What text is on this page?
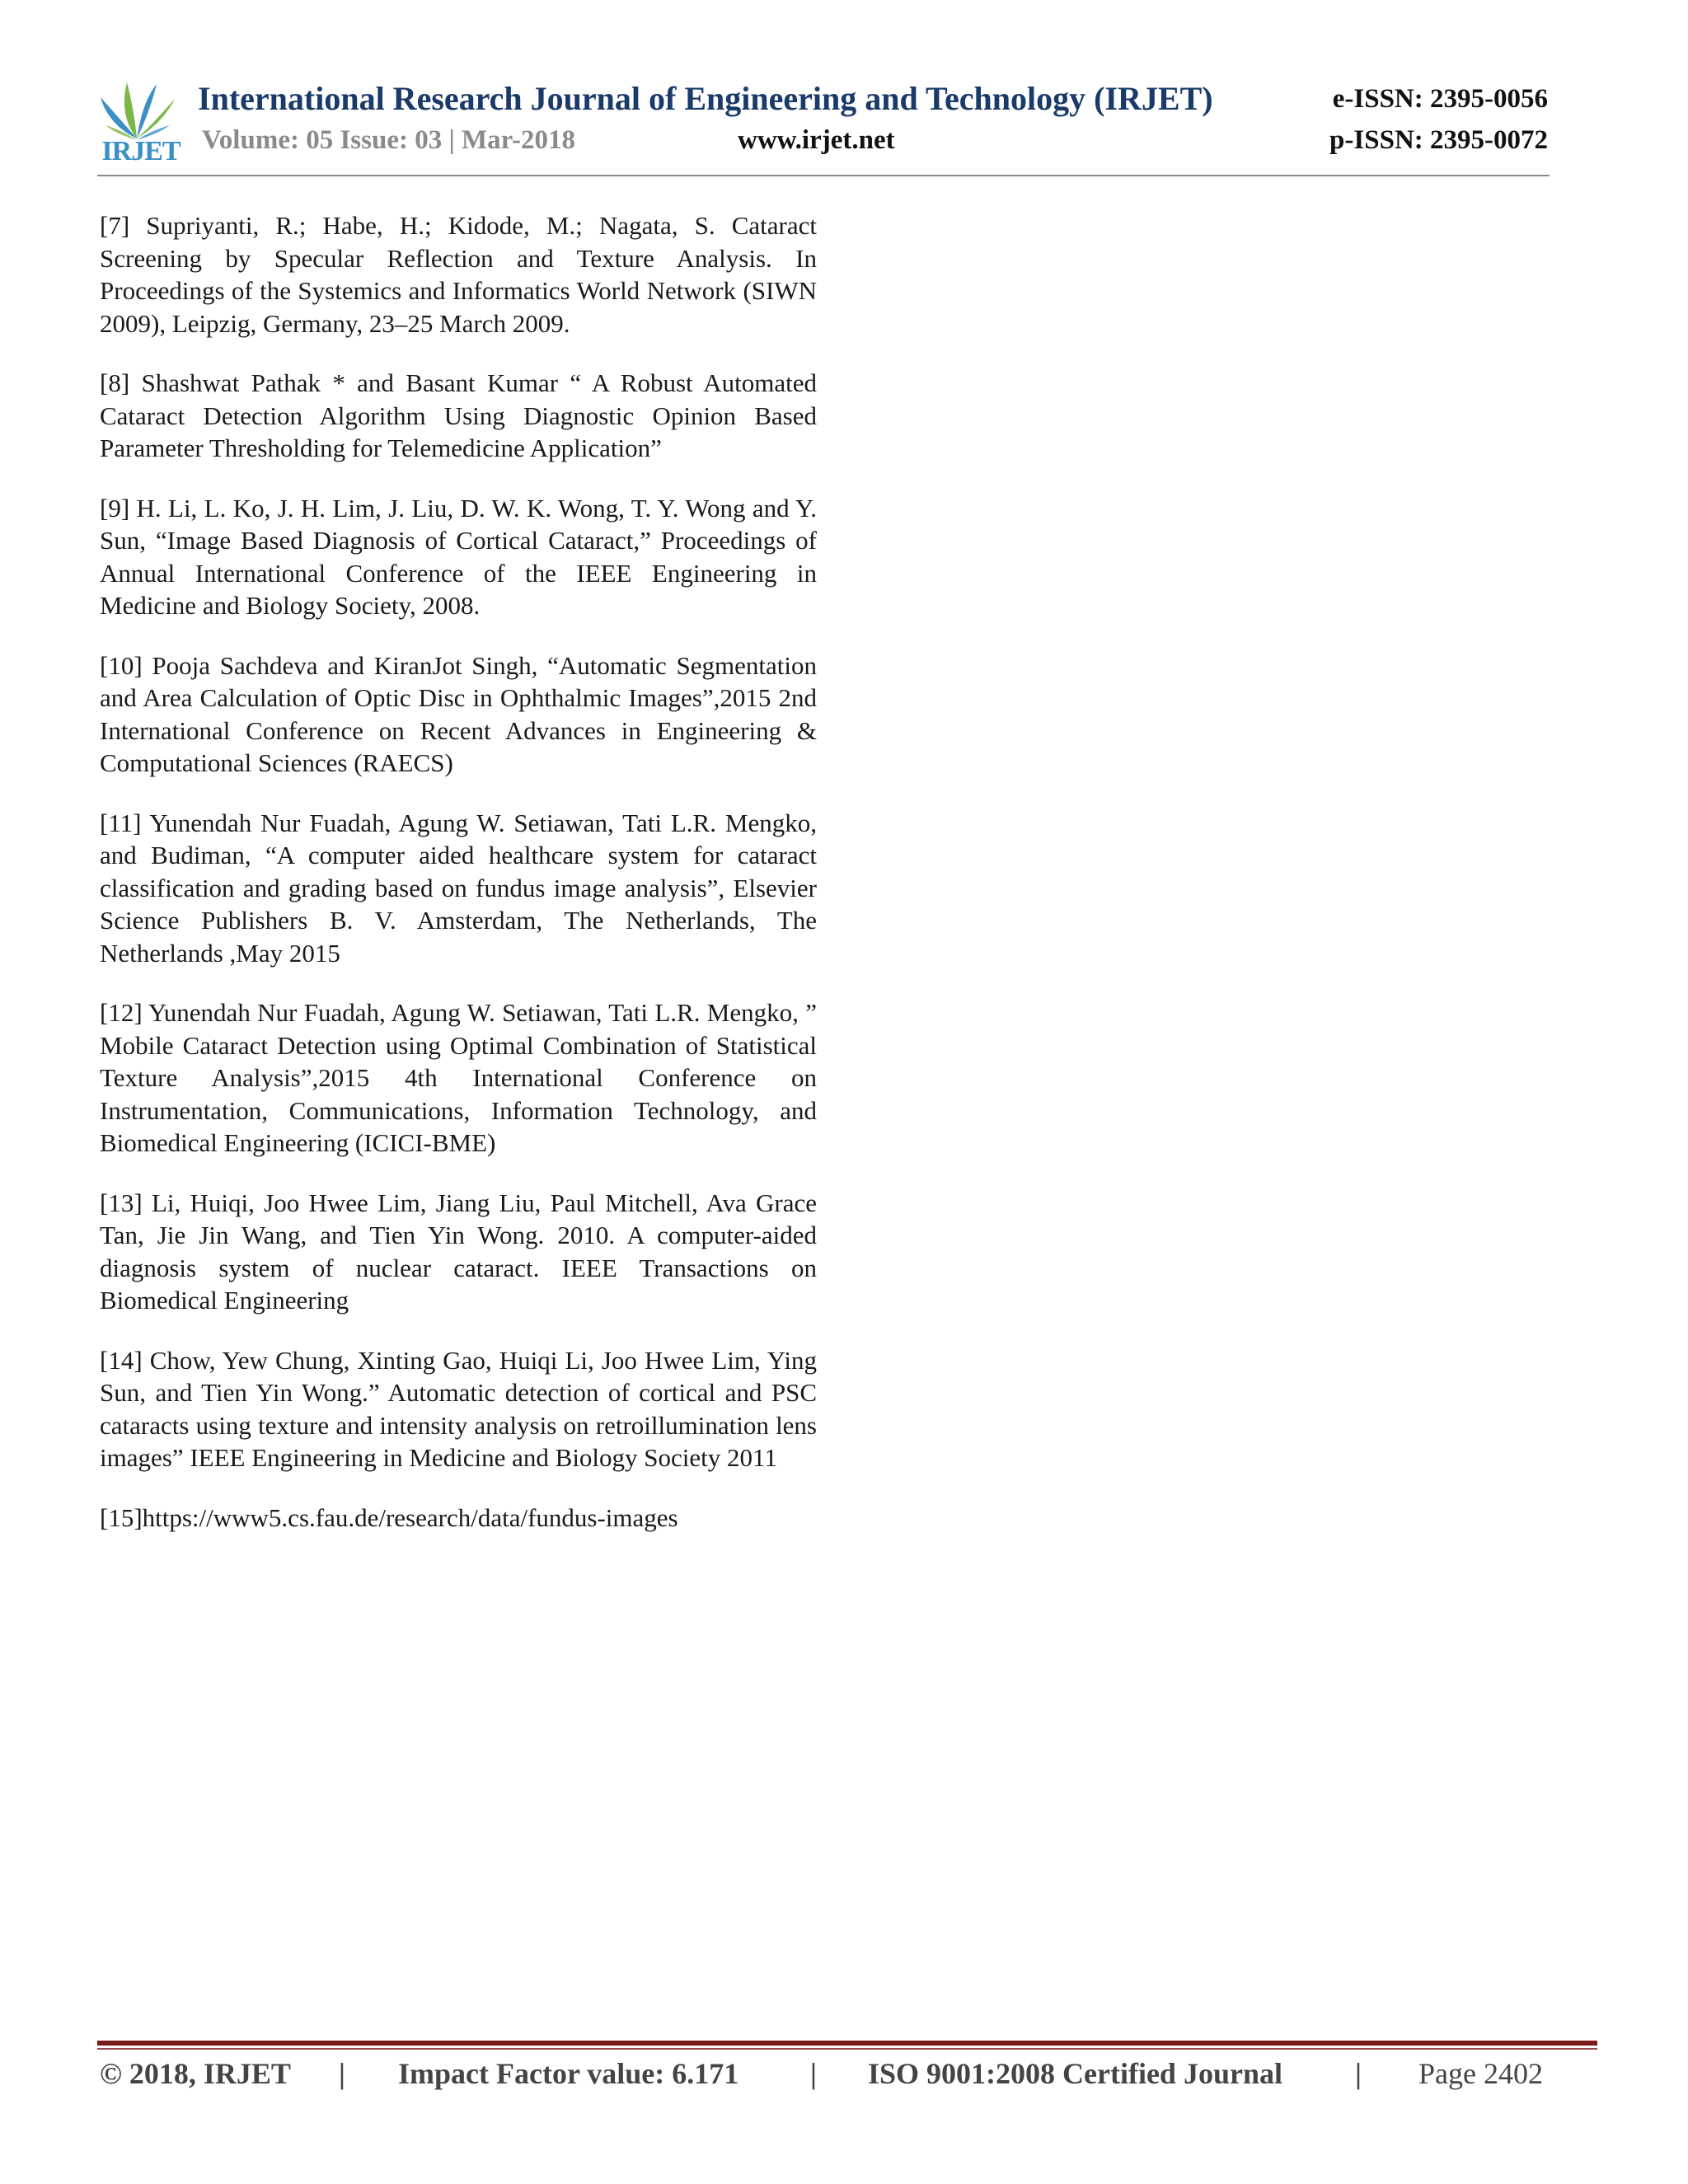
IRJET
International Research Journal of Engineering and Technology (IRJET)	e-ISSN: 2395-0056
Volume: 05 Issue: 03 | Mar-2018	www.irjet.net	p-ISSN: 2395-0072

[7] Supriyanti, R.; Habe, H.; Kidode, M.; Nagata, S. Cataract Screening by Specular Reflection and Texture Analysis. In Proceedings of the Systemics and Informatics World Network (SIWN 2009), Leipzig, Germany, 23–25 March 2009.

[8] Shashwat Pathak * and Basant Kumar “ A Robust Automated Cataract Detection Algorithm Using Diagnostic Opinion Based Parameter Thresholding for Telemedicine Application”

[9] H. Li, L. Ko, J. H. Lim, J. Liu, D. W. K. Wong, T. Y. Wong and Y. Sun, “Image Based Diagnosis of Cortical Cataract,” Proceedings of Annual International Conference of the IEEE Engineering in Medicine and Biology Society, 2008.

[10] Pooja Sachdeva and KiranJot Singh, “Automatic Segmentation and Area Calculation of Optic Disc in Ophthalmic Images”,2015 2nd International Conference on Recent Advances in Engineering & Computational Sciences (RAECS)

[11] Yunendah Nur Fuadah, Agung W. Setiawan, Tati L.R. Mengko, and Budiman, “A computer aided healthcare system for cataract classification and grading based on fundus image analysis”, Elsevier Science Publishers B. V. Amsterdam, The Netherlands, The Netherlands ,May 2015

[12] Yunendah Nur Fuadah, Agung W. Setiawan, Tati L.R. Mengko, ” Mobile Cataract Detection using Optimal Combination of Statistical Texture Analysis”,2015 4th International Conference on Instrumentation, Communications, Information Technology, and Biomedical Engineering (ICICI-BME)

[13] Li, Huiqi, Joo Hwee Lim, Jiang Liu, Paul Mitchell, Ava Grace Tan, Jie Jin Wang, and Tien Yin Wong. 2010. A computer-aided diagnosis system of nuclear cataract. IEEE Transactions on Biomedical Engineering

[14] Chow, Yew Chung, Xinting Gao, Huiqi Li, Joo Hwee Lim, Ying Sun, and Tien Yin Wong.” Automatic detection of cortical and PSC cataracts using texture and intensity analysis on retroillumination lens images” IEEE Engineering in Medicine and Biology Society 2011

[15]https://www5.cs.fau.de/research/data/fundus-images

© 2018, IRJET | Impact Factor value: 6.171 | ISO 9001:2008 Certified Journal | Page 2402
